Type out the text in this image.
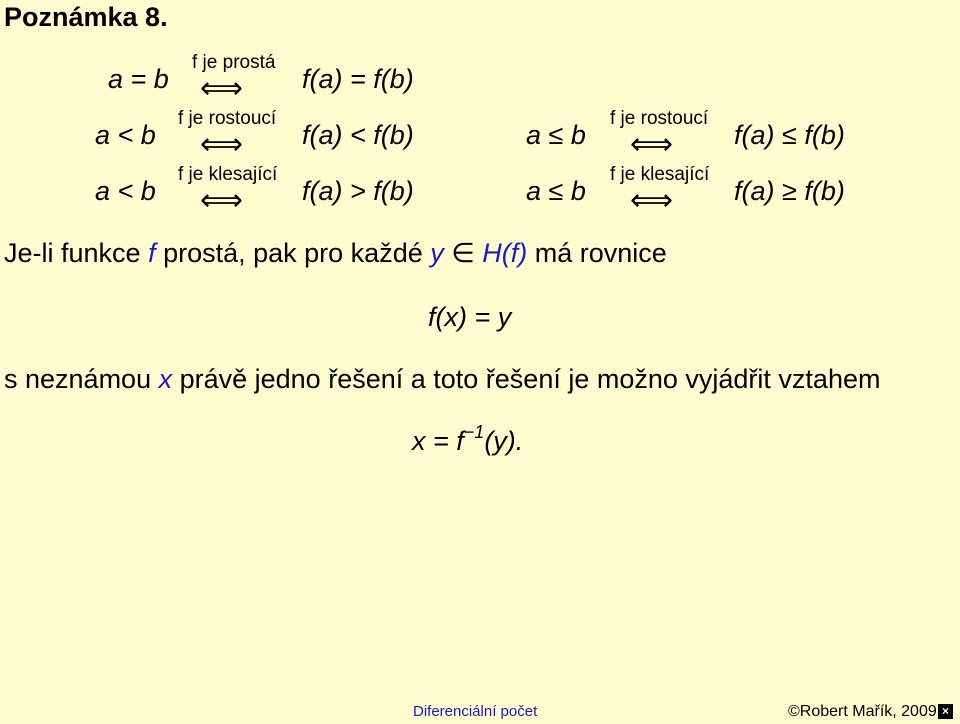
Poznámka 8.
a = b
f je prostá
⟺ f(a) = f(b)
a < b
f je rostoucí
⟺ f(a) < f(b)
a < b
f je klesající
⟺ f(a) > f(b)
a ≤ b
f je rostoucí
⟺ f(a) ≤ f(b)
a ≤ b
f je klesající
⟺ f(a) ≥ f(b)
Je-li funkce f prostá, pak pro každé y ∈ H(f) má rovnice
f(x) = y
s neznámou x právě jedno řešení a toto řešení je možno vyjádřit vztahem
$x = f^{-1}(y)$.
Diferenciální počet	©Robert Mařík, 2009 ×
